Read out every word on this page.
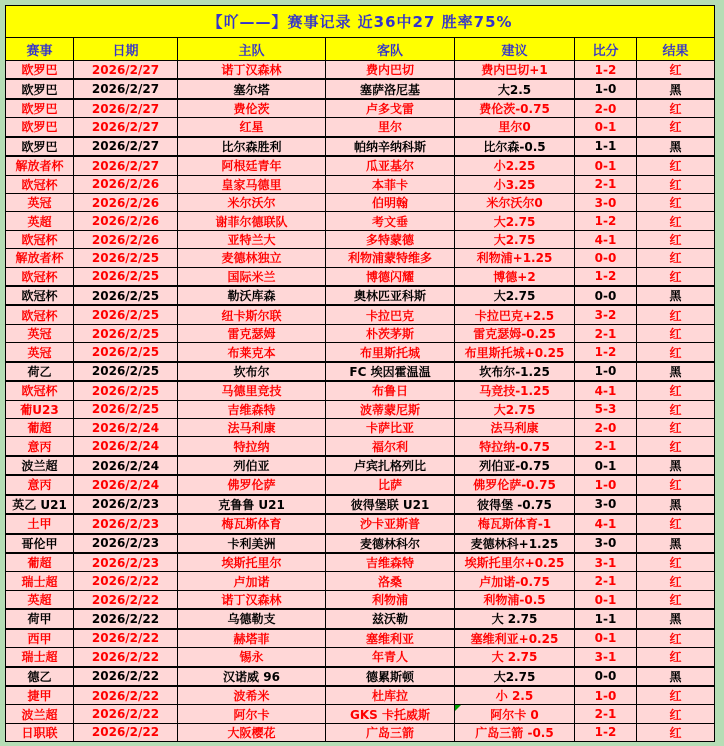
【吖——】赛事记录 近36中27 胜率75%
赛事	日期	主队	客队	建议	比分	结果
欧罗巴	2026/2/27	诺丁汉森林	费内巴切	费内巴切+1	1-2	红
欧罗巴	2026/2/27	塞尔塔	塞萨洛尼基	大2.5	1-0	黑
欧罗巴	2026/2/27	费伦茨	卢多戈雷	费伦茨-0.75	2-0	红
欧罗巴	2026/2/27	红星	里尔	里尔0	0-1	红
欧罗巴	2026/2/27	比尔森胜利	帕纳辛纳科斯	比尔森-0.5	1-1	黑
解放者杯	2026/2/27	阿根廷青年	瓜亚基尔	小2.25	0-1	红
欧冠杯	2026/2/26	皇家马德里	本菲卡	小3.25	2-1	红
英冠	2026/2/26	米尔沃尔	伯明翰	米尔沃尔0	3-0	红
英超	2026/2/26	谢菲尔德联队	考文垂	大2.75	1-2	红
欧冠杯	2026/2/26	亚特兰大	多特蒙德	大2.75	4-1	红
解放者杯	2026/2/25	麦德林独立	利物浦蒙特维多	利物浦+1.25	0-0	红
欧冠杯	2026/2/25	国际米兰	博德闪耀	博德+2	1-2	红
欧冠杯	2026/2/25	勒沃库森	奥林匹亚科斯	大2.75	0-0	黑
欧冠杯	2026/2/25	纽卡斯尔联	卡拉巴克	卡拉巴克+2.5	3-2	红
英冠	2026/2/25	雷克瑟姆	朴茨茅斯	雷克瑟姆-0.25	2-1	红
英冠	2026/2/25	布莱克本	布里斯托城	布里斯托城+0.25	1-2	红
荷乙	2026/2/25	坎布尔	FC 埃因霍温温	坎布尔-1.25	1-0	黑
欧冠杯	2026/2/25	马德里竞技	布鲁日	马竞技-1.25	4-1	红
葡U23	2026/2/25	吉维森特	波蒂蒙尼斯	大2.75	5-3	红
葡超	2026/2/24	法马利康	卡萨比亚	法马利康	2-0	红
意丙	2026/2/24	特拉纳	福尔利	特拉纳-0.75	2-1	红
波兰超	2026/2/24	列伯亚	卢宾扎格列比	列伯亚-0.75	0-1	黑
意丙	2026/2/24	佛罗伦萨	比萨	佛罗伦萨-0.75	1-0	红
英乙 U21	2026/2/23	克鲁鲁 U21	彼得堡联 U21	彼得堡 -0.75	3-0	黑
土甲	2026/2/23	梅瓦斯体育	沙卡亚斯普	梅瓦斯体育-1	4-1	红
哥伦甲	2026/2/23	卡利美洲	麦德林科尔	麦德林科+1.25	3-0	黑
葡超	2026/2/23	埃斯托里尔	吉维森特	埃斯托里尔+0.25	3-1	红
瑞士超	2026/2/22	卢加诺	洛桑	卢加诺-0.75	2-1	红
英超	2026/2/22	诺丁汉森林	利物浦	利物浦-0.5	0-1	红
荷甲	2026/2/22	乌德勒支	兹沃勒	大 2.75	1-1	黑
西甲	2026/2/22	赫塔菲	塞维利亚	塞维利亚+0.25	0-1	红
瑞士超	2026/2/22	锡永	年青人	大 2.75	3-1	红
德乙	2026/2/22	汉诺威 96	德累斯顿	大2.75	0-0	黑
捷甲	2026/2/22	波希米	杜库拉	小 2.5	1-0	红
波兰超	2026/2/22	阿尔卡	GKS 卡托威斯	阿尔卡 0	2-1	红
日职联	2026/2/22	大阪樱花	广岛三箭	广岛三箭 -0.5	1-2	红
